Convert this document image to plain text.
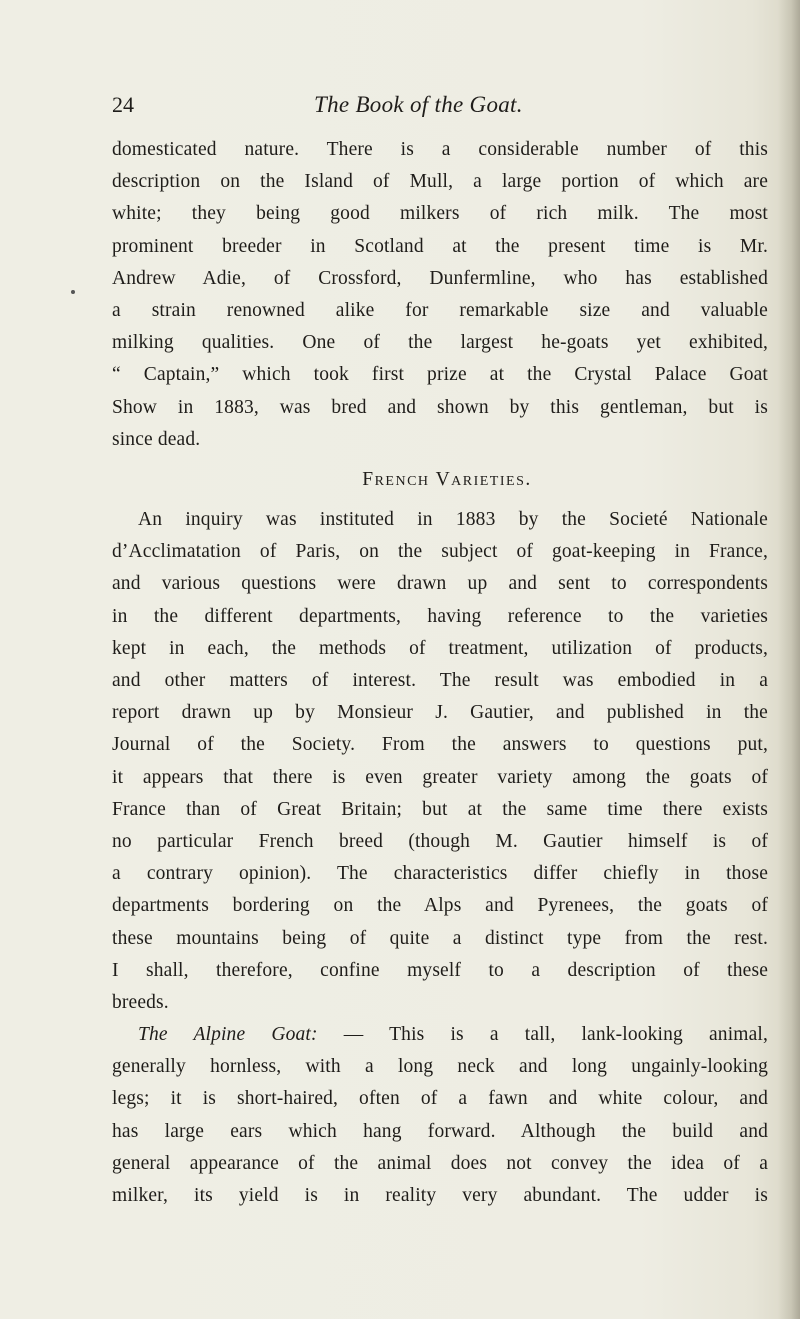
24	The Book of the Goat.
domesticated nature. There is a considerable number of this
description on the Island of Mull, a large portion of which are
white; they being good milkers of rich milk. The most
prominent breeder in Scotland at the present time is Mr.
Andrew Adie, of Crossford, Dunfermline, who has established
a strain renowned alike for remarkable size and valuable
milking qualities. One of the largest he-goats yet exhibited,
“ Captain,” which took first prize at the Crystal Palace Goat
Show in 1883, was bred and shown by this gentleman, but is
since dead.
French Varieties.
An inquiry was instituted in 1883 by the Societé Nationale
d’Acclimatation of Paris, on the subject of goat-keeping in France,
and various questions were drawn up and sent to correspondents
in the different departments, having reference to the varieties
kept in each, the methods of treatment, utilization of products,
and other matters of interest. The result was embodied in a
report drawn up by Monsieur J. Gautier, and published in the
Journal of the Society. From the answers to questions put,
it appears that there is even greater variety among the goats of
France than of Great Britain; but at the same time there exists
no particular French breed (though M. Gautier himself is of
a contrary opinion). The characteristics differ chiefly in those
departments bordering on the Alps and Pyrenees, the goats of
these mountains being of quite a distinct type from the rest.
I shall, therefore, confine myself to a description of these
breeds.
The Alpine Goat: — This is a tall, lank-looking animal,
generally hornless, with a long neck and long ungainly-looking
legs; it is short-haired, often of a fawn and white colour, and
has large ears which hang forward. Although the build and
general appearance of the animal does not convey the idea of a
milker, its yield is in reality very abundant. The udder is
